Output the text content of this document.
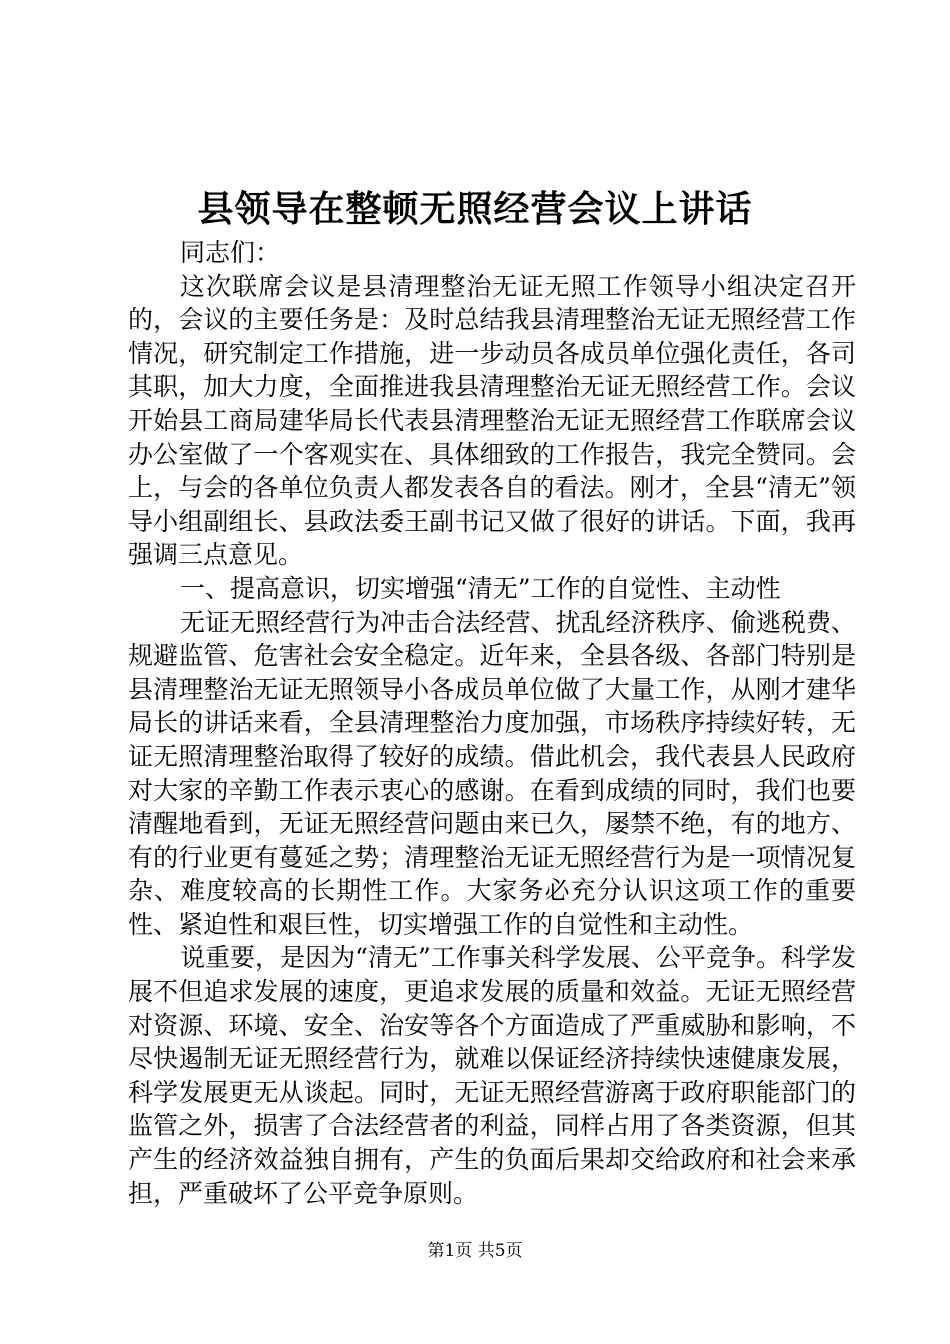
县领导在整顿无照经营会议上讲话

同志们：

这次联席会议是县清理整治无证无照工作领导小组决定召开的，会议的主要任务是：及时总结我县清理整治无证无照经营工作情况，研究制定工作措施，进一步动员各成员单位强化责任，各司其职，加大力度，全面推进我县清理整治无证无照经营工作。会议开始县工商局建华局长代表县清理整治无证无照经营工作联席会议办公室做了一个客观实在、具体细致的工作报告，我完全赞同。会上，与会的各单位负责人都发表各自的看法。刚才，全县“清无”领导小组副组长、县政法委王副书记又做了很好的讲话。下面，我再强调三点意见。

一、提高意识，切实增强“清无”工作的自觉性、主动性

无证无照经营行为冲击合法经营、扰乱经济秩序、偷逃税费、规避监管、危害社会安全稳定。近年来，全县各级、各部门特别是县清理整治无证无照领导小各成员单位做了大量工作，从刚才建华局长的讲话来看，全县清理整治力度加强，市场秩序持续好转，无证无照清理整治取得了较好的成绩。借此机会，我代表县人民政府对大家的辛勤工作表示衷心的感谢。在看到成绩的同时，我们也要清醒地看到，无证无照经营问题由来已久，屡禁不绝，有的地方、有的行业更有蔓延之势；清理整治无证无照经营行为是一项情况复杂、难度较高的长期性工作。大家务必充分认识这项工作的重要性、紧迫性和艰巨性，切实增强工作的自觉性和主动性。

说重要，是因为“清无”工作事关科学发展、公平竞争。科学发展不但追求发展的速度，更追求发展的质量和效益。无证无照经营对资源、环境、安全、治安等各个方面造成了严重威胁和影响，不尽快遏制无证无照经营行为，就难以保证经济持续快速健康发展，科学发展更无从谈起。同时，无证无照经营游离于政府职能部门的监管之外，损害了合法经营者的利益，同样占用了各类资源，但其产生的经济效益独自拥有，产生的负面后果却交给政府和社会来承担，严重破坏了公平竞争原则。

第1页 共5页
